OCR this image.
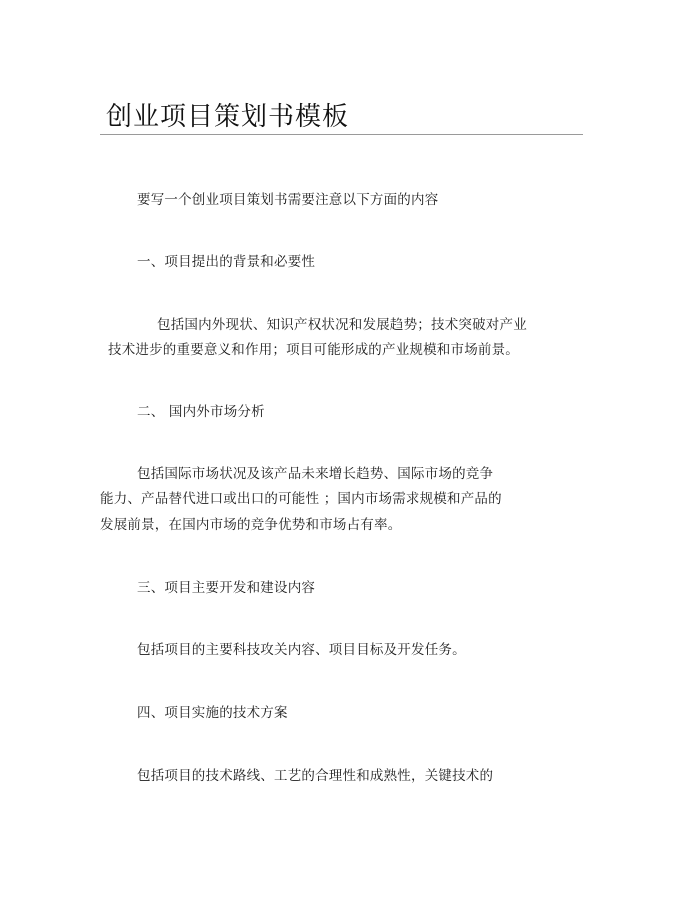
创业项目策划书模板
要写一个创业项目策划书需要注意以下方面的内容
一、项目提出的背景和必要性
包括国内外现状、知识产权状况和发展趋势；技术突破对产业
技术进步的重要意义和作用；项目可能形成的产业规模和市场前景。
二、 国内外市场分析
包括国际市场状况及该产品未来增长趋势、国际市场的竞争
能力、产品替代进口或出口的可能性 ；国内市场需求规模和产品的
发展前景，在国内市场的竞争优势和市场占有率。
三、项目主要开发和建设内容
包括项目的主要科技攻关内容、项目目标及开发任务。
四、项目实施的技术方案
包括项目的技术路线、工艺的合理性和成熟性，关键技术的
